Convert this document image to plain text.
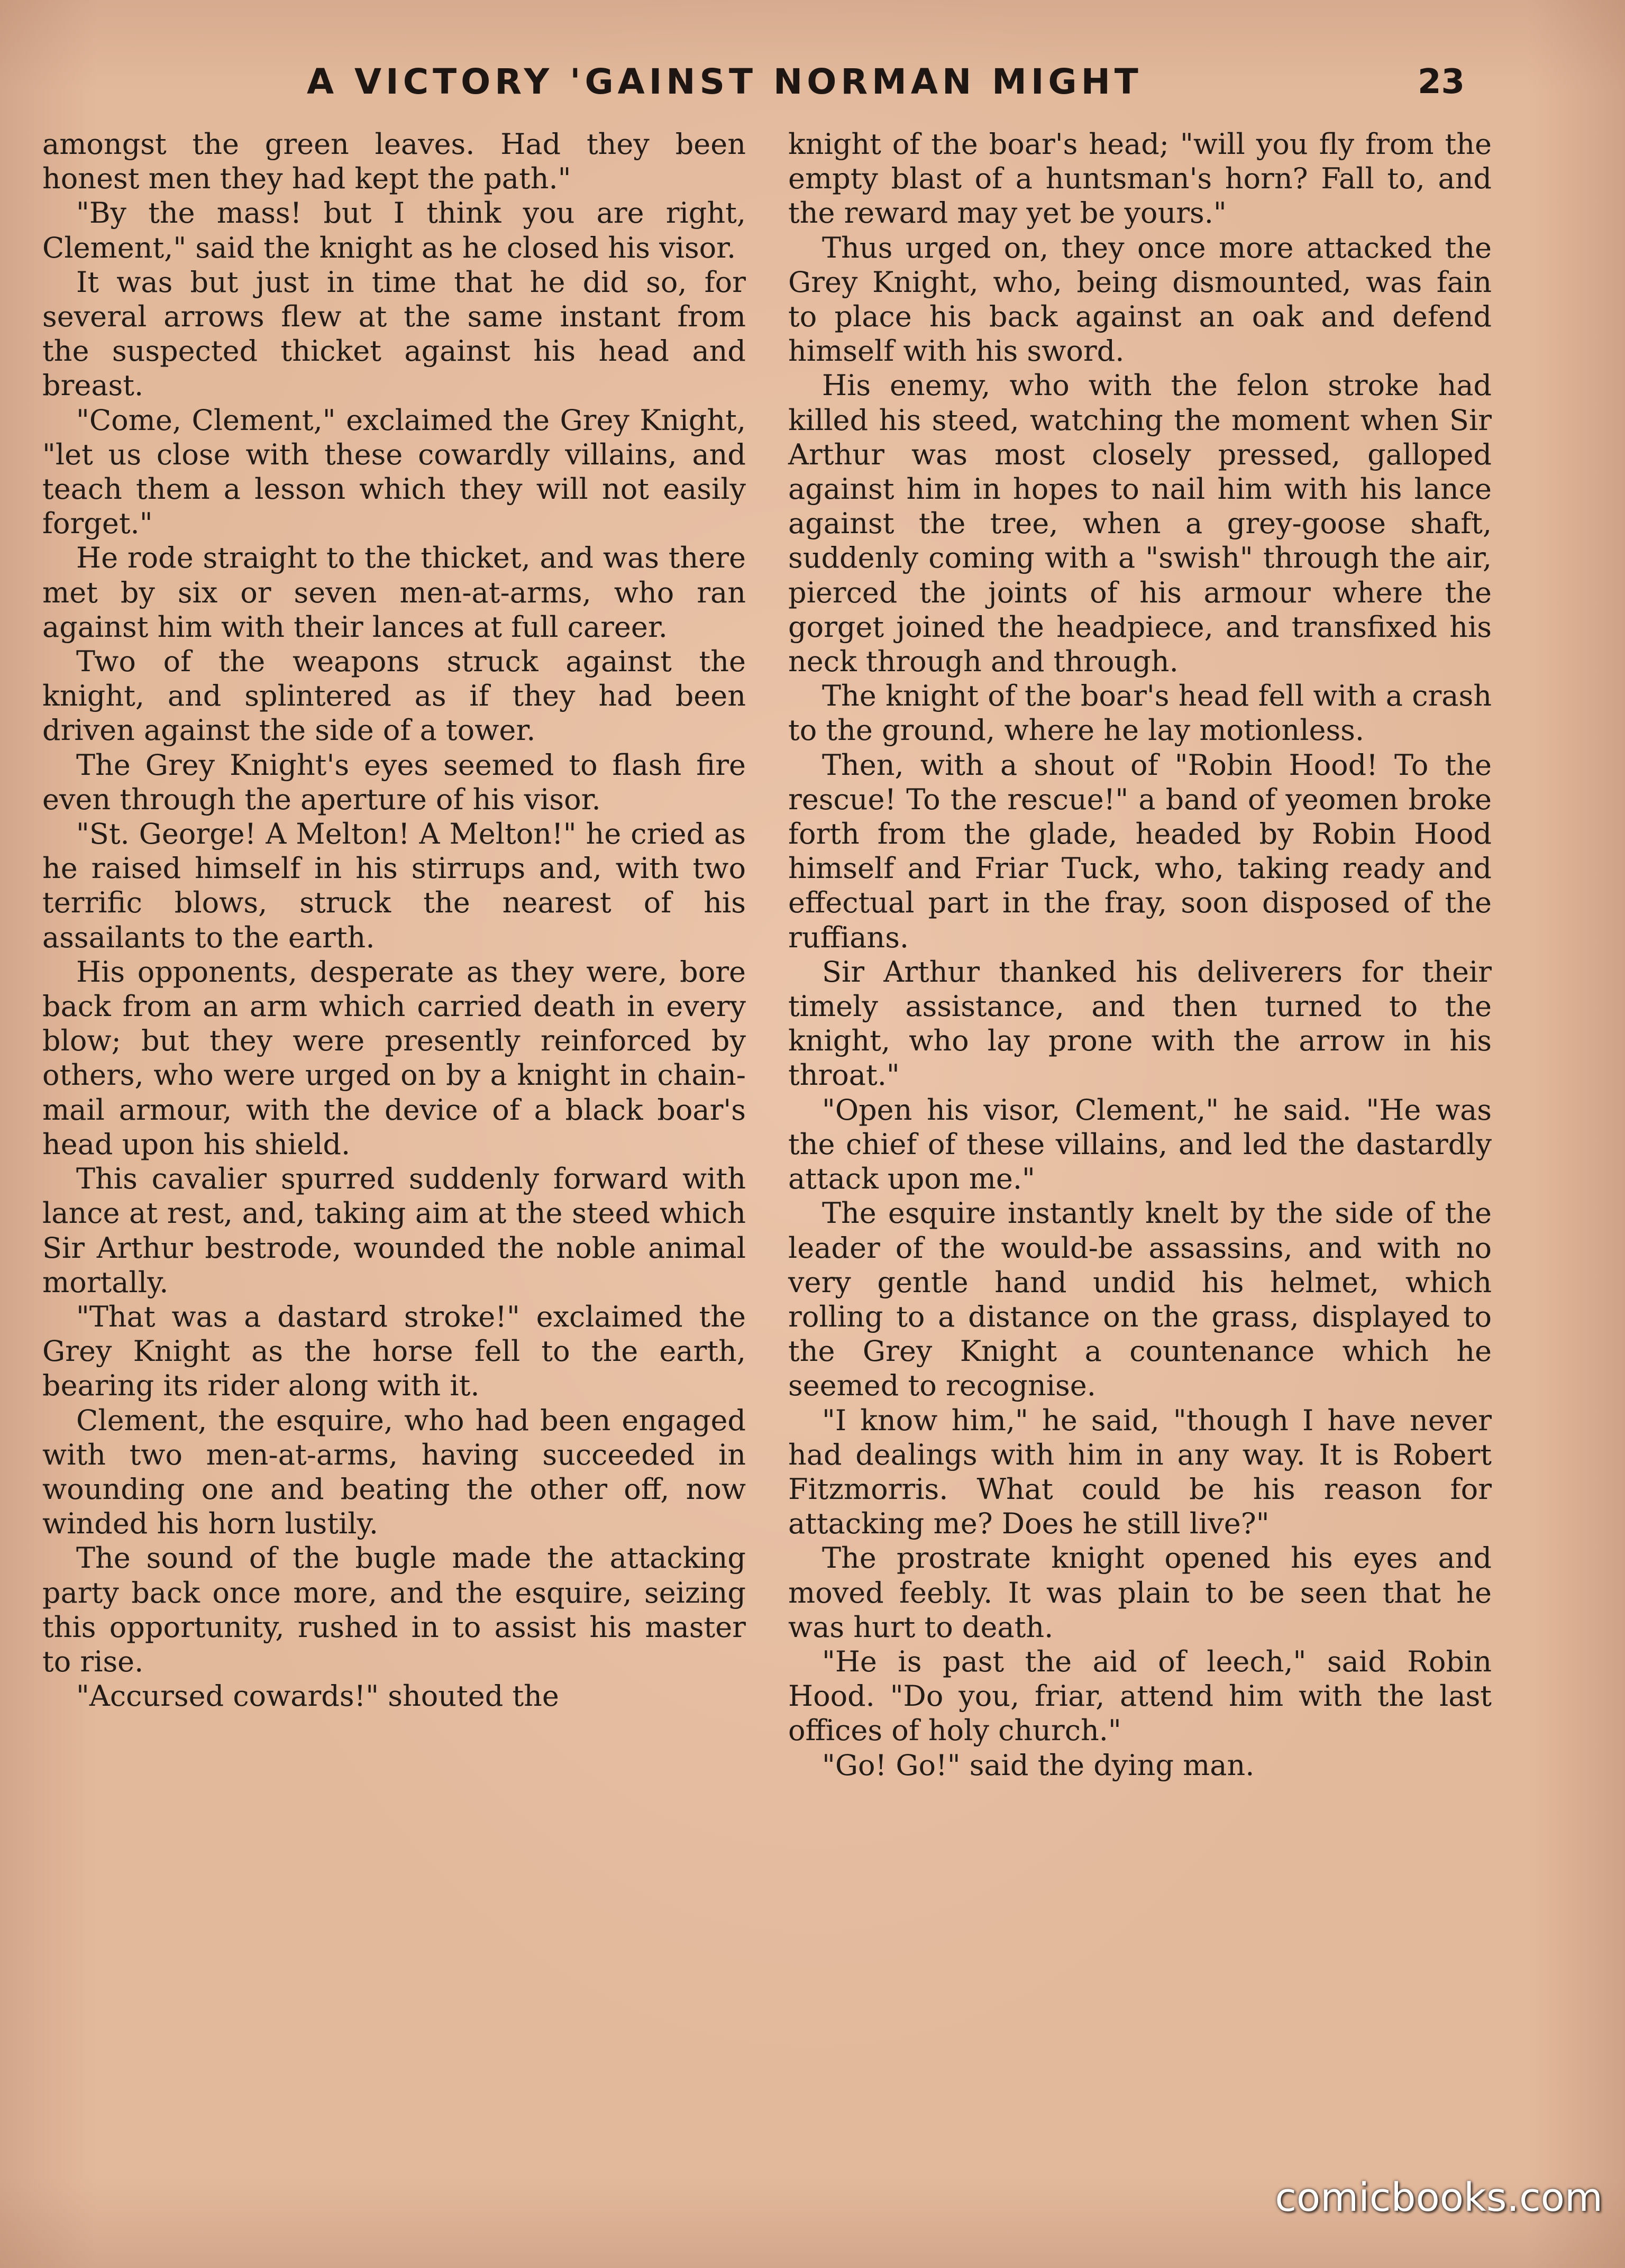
A VICTORY 'GAINST NORMAN MIGHT	23

amongst the green leaves. Had they been honest men they had kept the path."

"By the mass! but I think you are right, Clement," said the knight as he closed his visor.

It was but just in time that he did so, for several arrows flew at the same instant from the suspected thicket against his head and breast.

"Come, Clement," exclaimed the Grey Knight, "let us close with these cowardly villains, and teach them a lesson which they will not easily forget."

He rode straight to the thicket, and was there met by six or seven men-at-arms, who ran against him with their lances at full career.

Two of the weapons struck against the knight, and splintered as if they had been driven against the side of a tower.

The Grey Knight's eyes seemed to flash fire even through the aperture of his visor.

"St. George! A Melton! A Melton!" he cried as he raised himself in his stirrups and, with two terrific blows, struck the nearest of his assailants to the earth.

His opponents, desperate as they were, bore back from an arm which carried death in every blow; but they were presently reinforced by others, who were urged on by a knight in chain-mail armour, with the device of a black boar's head upon his shield.

This cavalier spurred suddenly forward with lance at rest, and, taking aim at the steed which Sir Arthur bestrode, wounded the noble animal mortally.

"That was a dastard stroke!" exclaimed the Grey Knight as the horse fell to the earth, bearing its rider along with it.

Clement, the esquire, who had been engaged with two men-at-arms, having succeeded in wounding one and beating the other off, now winded his horn lustily.

The sound of the bugle made the attacking party back once more, and the esquire, seizing this opportunity, rushed in to assist his master to rise.

"Accursed cowards!" shouted the

knight of the boar's head; "will you fly from the empty blast of a huntsman's horn? Fall to, and the reward may yet be yours."

Thus urged on, they once more attacked the Grey Knight, who, being dismounted, was fain to place his back against an oak and defend himself with his sword.

His enemy, who with the felon stroke had killed his steed, watching the moment when Sir Arthur was most closely pressed, galloped against him in hopes to nail him with his lance against the tree, when a grey-goose shaft, suddenly coming with a "swish" through the air, pierced the joints of his armour where the gorget joined the headpiece, and transfixed his neck through and through.

The knight of the boar's head fell with a crash to the ground, where he lay motionless.

Then, with a shout of "Robin Hood! To the rescue! To the rescue!" a band of yeomen broke forth from the glade, headed by Robin Hood himself and Friar Tuck, who, taking ready and effectual part in the fray, soon disposed of the ruffians.

Sir Arthur thanked his deliverers for their timely assistance, and then turned to the knight, who lay prone with the arrow in his throat."

"Open his visor, Clement," he said. "He was the chief of these villains, and led the dastardly attack upon me."

The esquire instantly knelt by the side of the leader of the would-be assassins, and with no very gentle hand undid his helmet, which rolling to a distance on the grass, displayed to the Grey Knight a countenance which he seemed to recognise.

"I know him," he said, "though I have never had dealings with him in any way. It is Robert Fitzmorris. What could be his reason for attacking me? Does he still live?"

The prostrate knight opened his eyes and moved feebly. It was plain to be seen that he was hurt to death.

"He is past the aid of leech," said Robin Hood. "Do you, friar, attend him with the last offices of holy church."

"Go! Go!" said the dying man.

comicbooks.com
